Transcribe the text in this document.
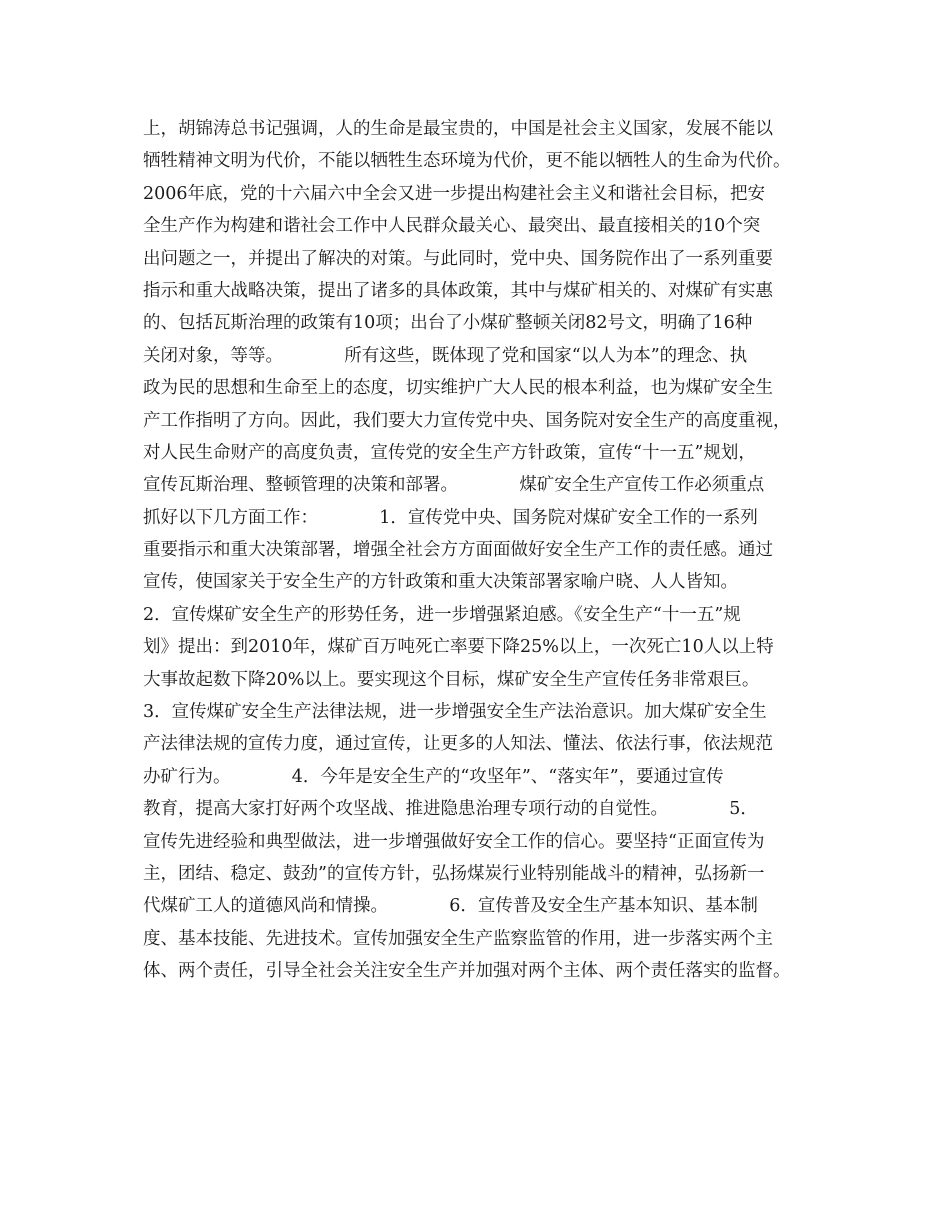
上，胡锦涛总书记强调，人的生命是最宝贵的，中国是社会主义国家，发展不能以
牺牲精神文明为代价，不能以牺牲生态环境为代价，更不能以牺牲人的生命为代价。
2006年底，党的十六届六中全会又进一步提出构建社会主义和谐社会目标，把安
全生产作为构建和谐社会工作中人民群众最关心、最突出、最直接相关的10个突
出问题之一，并提出了解决的对策。与此同时，党中央、国务院作出了一系列重要
指示和重大战略决策，提出了诸多的具体政策，其中与煤矿相关的、对煤矿有实惠
的、包括瓦斯治理的政策有10项；出台了小煤矿整顿关闭82号文，明确了16种
关闭对象，等等。　　　　所有这些，既体现了党和国家“以人为本”的理念、执
政为民的思想和生命至上的态度，切实维护广大人民的根本利益，也为煤矿安全生
产工作指明了方向。因此，我们要大力宣传党中央、国务院对安全生产的高度重视，
对人民生命财产的高度负责，宣传党的安全生产方针政策，宣传“十一五”规划，
宣传瓦斯治理、整顿管理的决策和部署。　　　　煤矿安全生产宣传工作必须重点
抓好以下几方面工作：　　　　1．宣传党中央、国务院对煤矿安全工作的一系列
重要指示和重大决策部署，增强全社会方方面面做好安全生产工作的责任感。通过
宣传，使国家关于安全生产的方针政策和重大决策部署家喻户晓、人人皆知。
2．宣传煤矿安全生产的形势任务，进一步增强紧迫感。《安全生产“十一五”规
划》提出：到2010年，煤矿百万吨死亡率要下降25%以上，一次死亡10人以上特
大事故起数下降20%以上。要实现这个目标，煤矿安全生产宣传任务非常艰巨。
3．宣传煤矿安全生产法律法规，进一步增强安全生产法治意识。加大煤矿安全生
产法律法规的宣传力度，通过宣传，让更多的人知法、懂法、依法行事，依法规范
办矿行为。　　　　4．今年是安全生产的“攻坚年”、“落实年”，要通过宣传
教育，提高大家打好两个攻坚战、推进隐患治理专项行动的自觉性。　　　　5．
宣传先进经验和典型做法，进一步增强做好安全工作的信心。要坚持“正面宣传为
主，团结、稳定、鼓劲”的宣传方针，弘扬煤炭行业特别能战斗的精神，弘扬新一
代煤矿工人的道德风尚和情操。　　　　6．宣传普及安全生产基本知识、基本制
度、基本技能、先进技术。宣传加强安全生产监察监管的作用，进一步落实两个主
体、两个责任，引导全社会关注安全生产并加强对两个主体、两个责任落实的监督。
